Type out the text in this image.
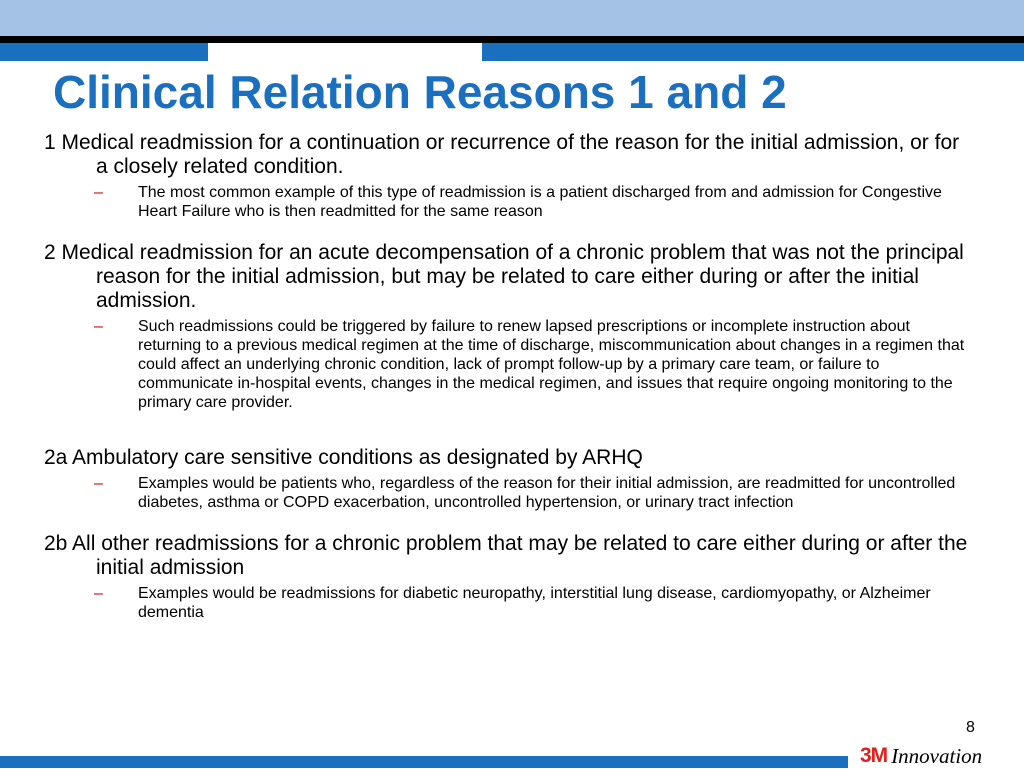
Clinical Relation Reasons 1 and 2

1 Medical readmission for a continuation or recurrence of the reason for the initial admission, or for a closely related condition.

–	The most common example of this type of readmission is a patient discharged from and admission for Congestive Heart Failure who is then readmitted for the same reason

2 Medical readmission for an acute decompensation of a chronic problem that was not the principal reason for the initial admission, but may be related to care either during or after the initial admission.

–	Such readmissions could be triggered by failure to renew lapsed prescriptions or incomplete instruction about returning to a previous medical regimen at the time of discharge, miscommunication about changes in a regimen that could affect an underlying chronic condition, lack of prompt follow-up by a primary care team, or failure to communicate in-hospital events, changes in the medical regimen, and issues that require ongoing monitoring to the primary care provider.

2a Ambulatory care sensitive conditions as designated by ARHQ

–	Examples would be patients who, regardless of the reason for their initial admission, are readmitted for uncontrolled diabetes, asthma or COPD exacerbation, uncontrolled hypertension, or urinary tract infection

2b All other readmissions for a chronic problem that may be related to care either during or after the initial admission

–	Examples would be readmissions for diabetic neuropathy, interstitial lung disease, cardiomyopathy, or Alzheimer dementia
8
3M Innovation
